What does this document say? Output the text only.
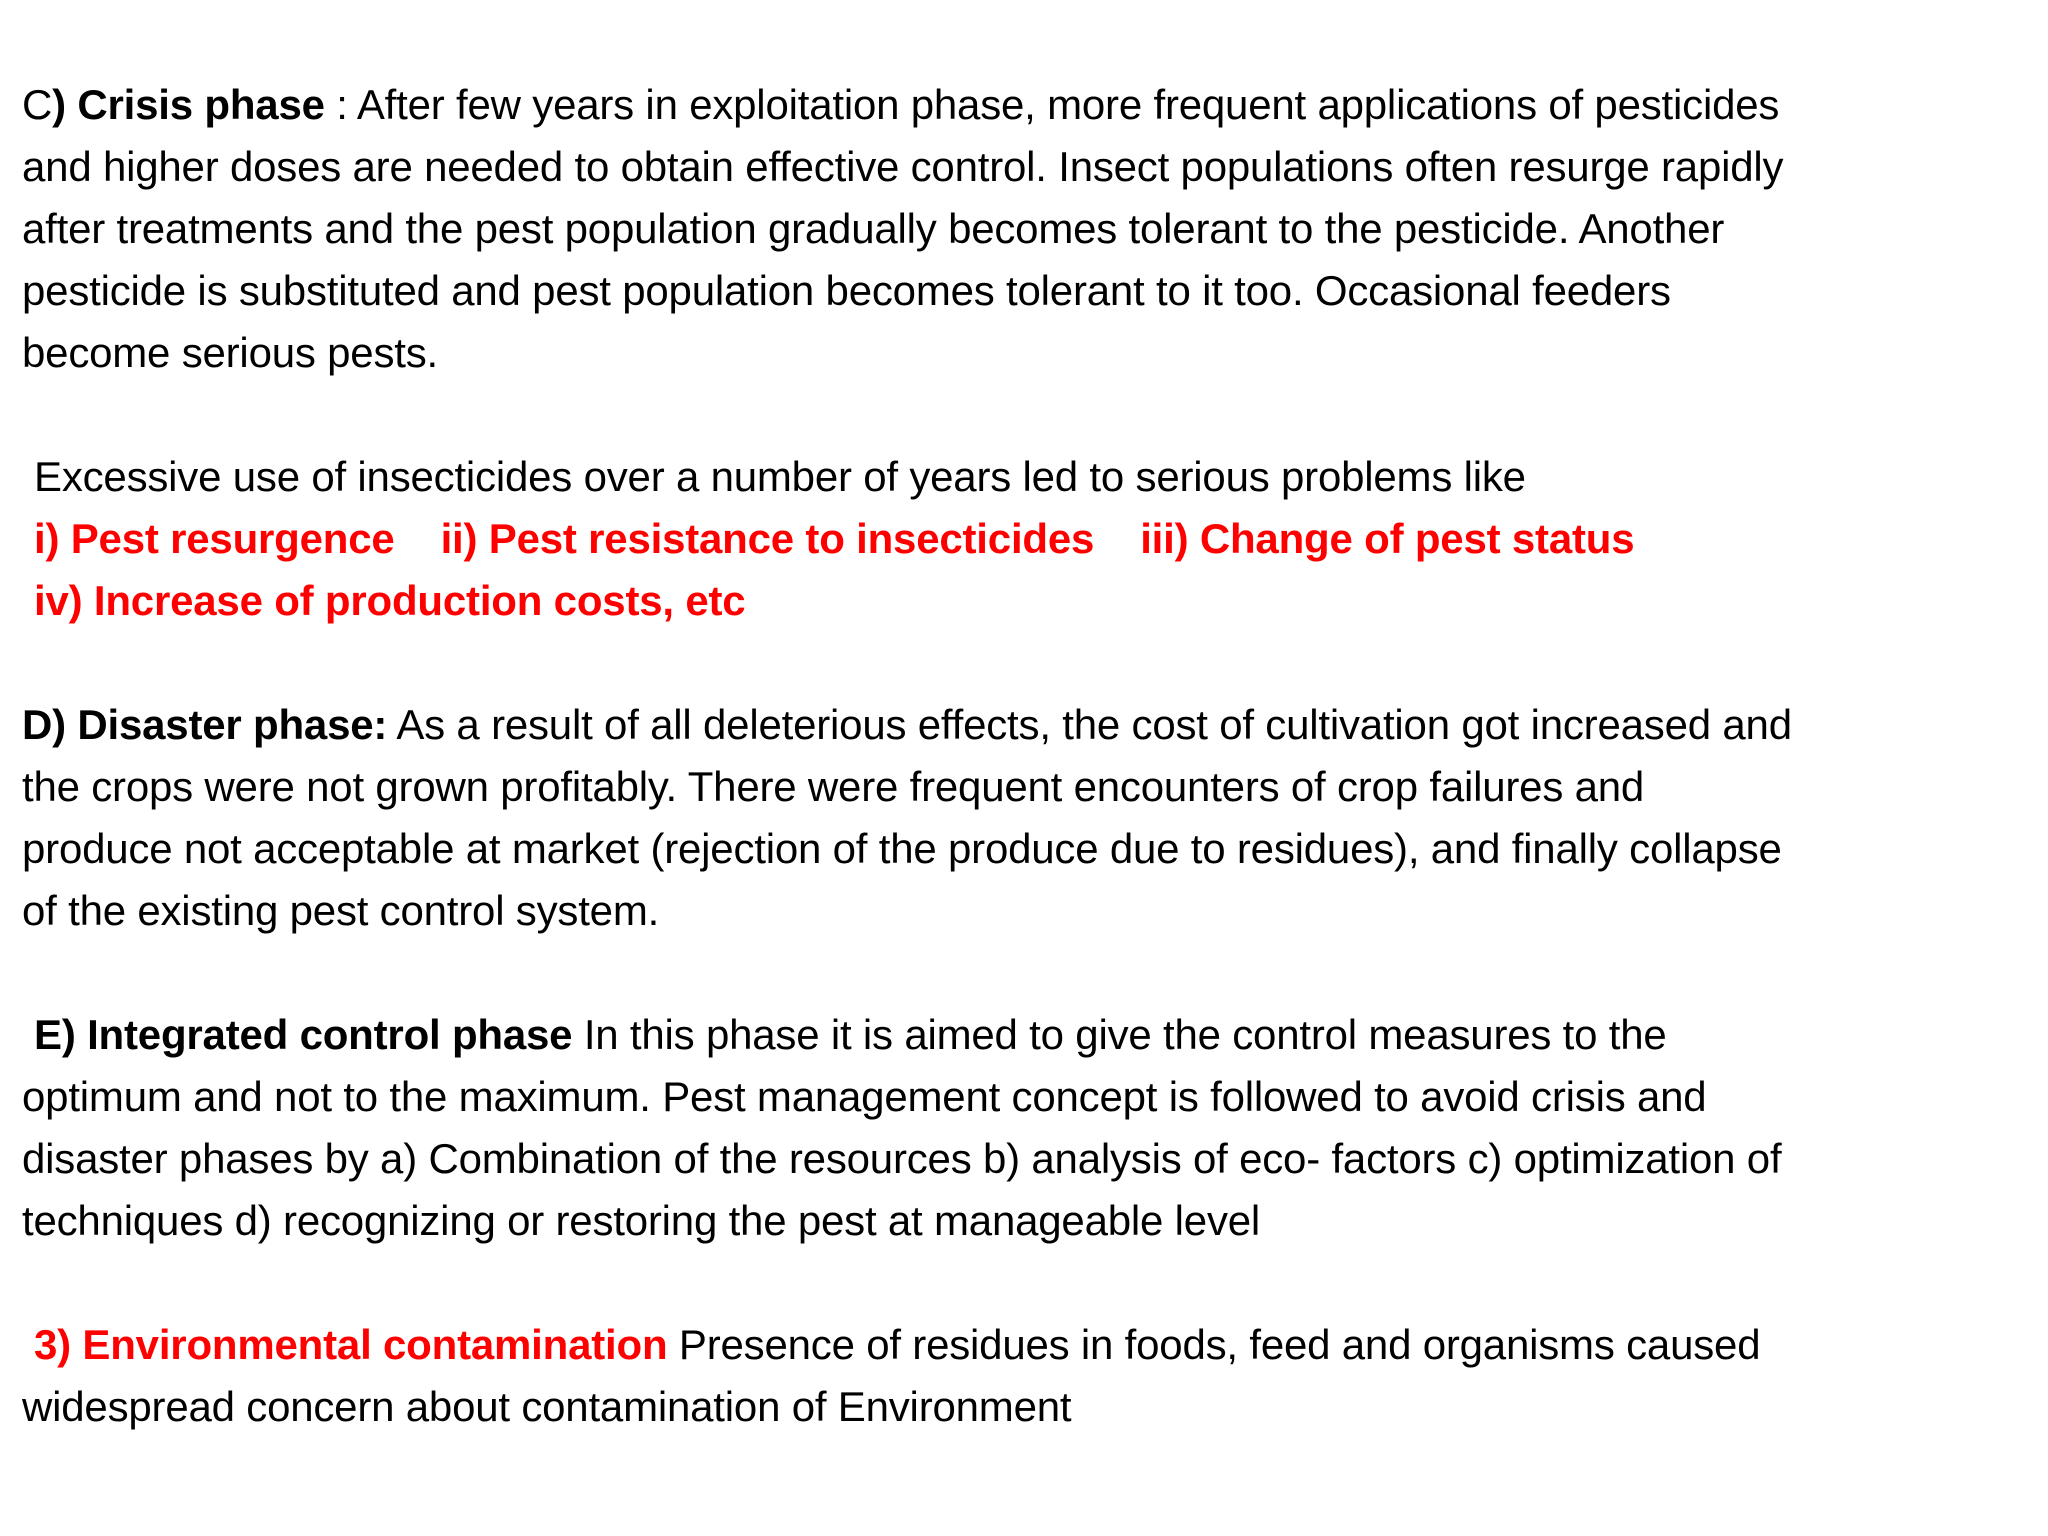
C) Crisis phase : After few years in exploitation phase, more frequent applications of pesticides
and higher doses are needed to obtain effective control. Insect populations often resurge rapidly
after treatments and the pest population gradually becomes tolerant to the pesticide. Another
pesticide is substituted and pest population becomes tolerant to it too. Occasional feeders
become serious pests.

Excessive use of insecticides over a number of years led to serious problems like
i) Pest resurgence ii) Pest resistance to insecticides iii) Change of pest status
iv) Increase of production costs, etc

D) Disaster phase: As a result of all deleterious effects, the cost of cultivation got increased and
the crops were not grown profitably. There were frequent encounters of crop failures and
produce not acceptable at market (rejection of the produce due to residues), and finally collapse
of the existing pest control system.

E) Integrated control phase In this phase it is aimed to give the control measures to the
optimum and not to the maximum. Pest management concept is followed to avoid crisis and
disaster phases by a) Combination of the resources b) analysis of eco- factors c) optimization of
techniques d) recognizing or restoring the pest at manageable level

3) Environmental contamination Presence of residues in foods, feed and organisms caused
widespread concern about contamination of Environment
